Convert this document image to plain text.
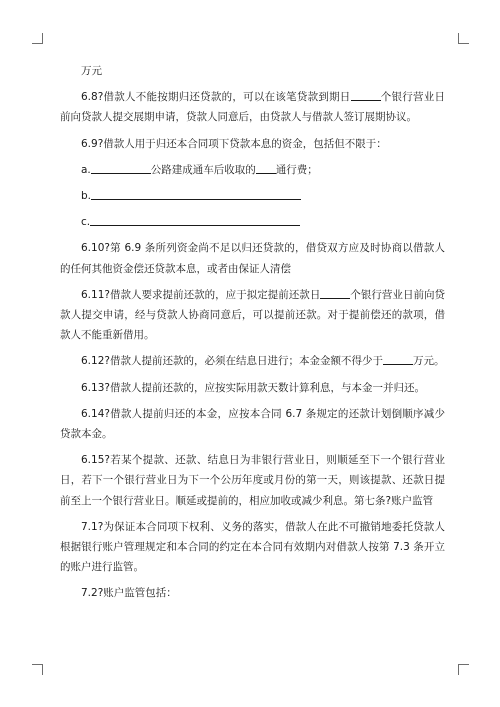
万元

6.8?借款人不能按期归还贷款的，可以在该笔贷款到期日	个银行营业日前向贷款人提交展期申请，贷款人同意后，由贷款人与借款人签订展期协议。

6.9?借款人用于归还本合同项下贷款本息的资金，包括但不限于：

a.	公路建成通车后收取的 通行费；

b.

c.

6.10?第 6.9 条所列资金尚不足以归还贷款的，借贷双方应及时协商以借款人的任何其他资金偿还贷款本息，或者由保证人清偿

6.11?借款人要求提前还款的，应于拟定提前还款日	个银行营业日前向贷款人提交申请，经与贷款人协商同意后，可以提前还款。对于提前偿还的款项，借款人不能重新借用。

6.12?借款人提前还款的，必须在结息日进行；本金金额不得少于	万元。

6.13?借款人提前还款的，应按实际用款天数计算利息，与本金一并归还。

6.14?借款人提前归还的本金，应按本合同 6.7 条规定的还款计划倒顺序减少贷款本金。

6.15?若某个提款、还款、结息日为非银行营业日，则顺延至下一个银行营业日，若下一个银行营业日为下一个公历年度或月份的第一天，则该提款、还款日提前至上一个银行营业日。顺延或提前的，相应加收或减少利息。第七条?账户监管

7.1?为保证本合同项下权利、义务的落实，借款人在此不可撤销地委托贷款人根据银行账户管理规定和本合同的约定在本合同有效期内对借款人按第 7.3 条开立的账户进行监管。

7.2?账户监管包括：
